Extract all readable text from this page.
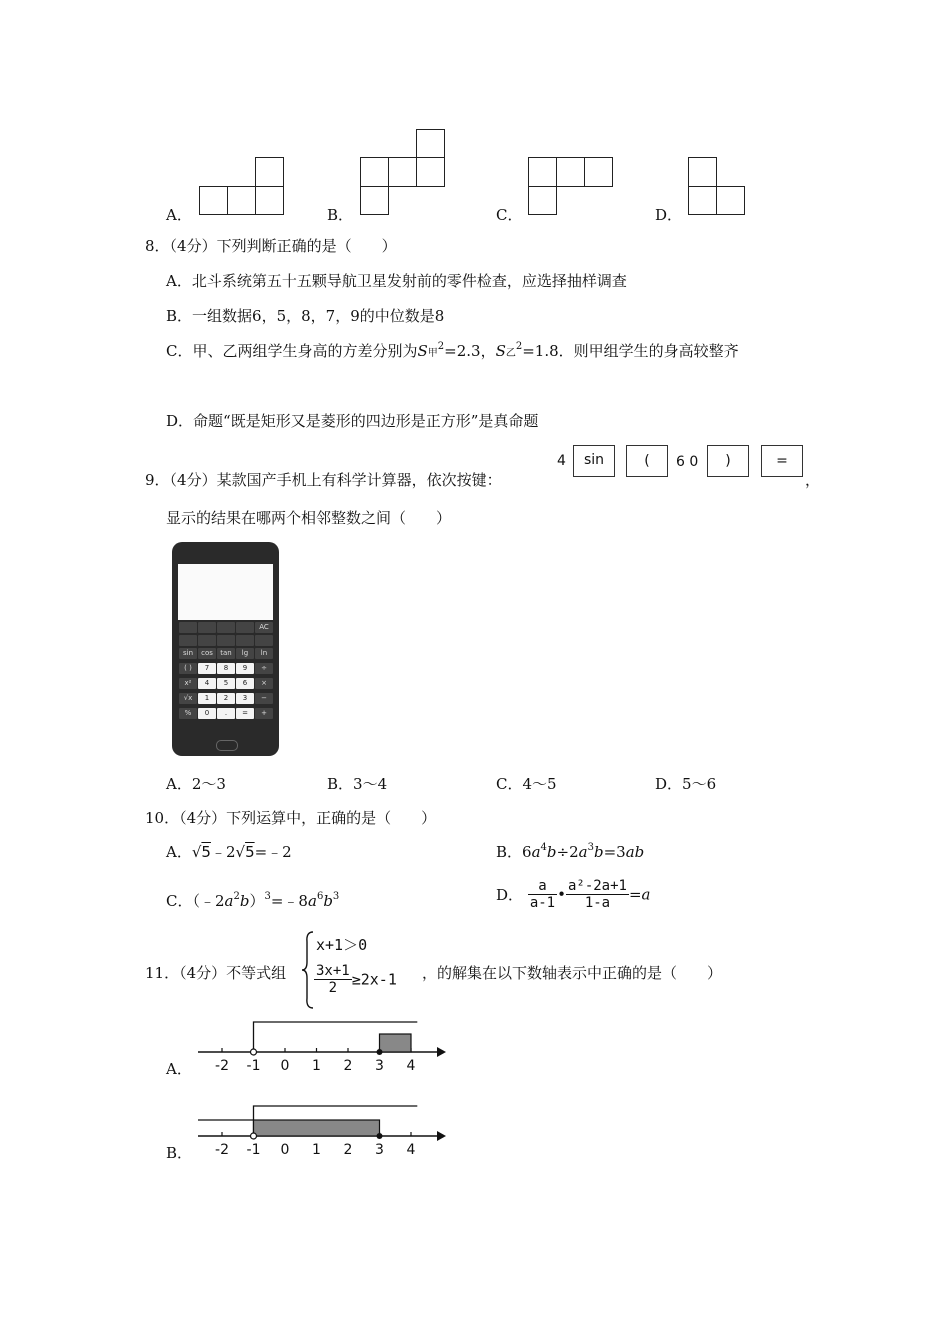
A．	B．	C．	D．
8．（4分）下列判断正确的是（　　）
A．北斗系统第五十五颗导航卫星发射前的零件检查，应选择抽样调查
B．一组数据6，5，8，7，9的中位数是8
C．甲、乙两组学生身高的方差分别为S甲$^2$=2.3，S乙$^2$=1.8．则甲组学生的身高较整齐
D．命题“既是矩形又是菱形的四边形是正方形”是真命题
9．（4分）某款国产手机上有科学计算器，依次按键：
4	sin	(	6 0	)	=
，
显示的结果在哪两个相邻整数之间（　　）
AC
sin	cos	tan	lg	ln
( )	7	8	9	÷
x²	4	5	6	×
√x	1	2	3	−
%	0	.	=	+
A．2～3	B．3～4	C．4～5	D．5～6
10．（4分）下列运算中，正确的是（　　）
A．√5﹣2√5=﹣2	B．$6a^4b\div 2a^3b=3ab$
C．$(﹣2a^2b)^3=﹣8a^6b^3$	D． $\frac{a}{a-1}$ • $\frac{\text{a²-2a+1}}{1-a} =a$
11．（4分）不等式组
x+1＞0
$\frac{3x+1}{2} \ge 2x-1$ ，的解集在以下数轴表示中正确的是（　　）
A． -2 -1 0 1 2 3 4
B． -2 -1 0 1 2 3 4
